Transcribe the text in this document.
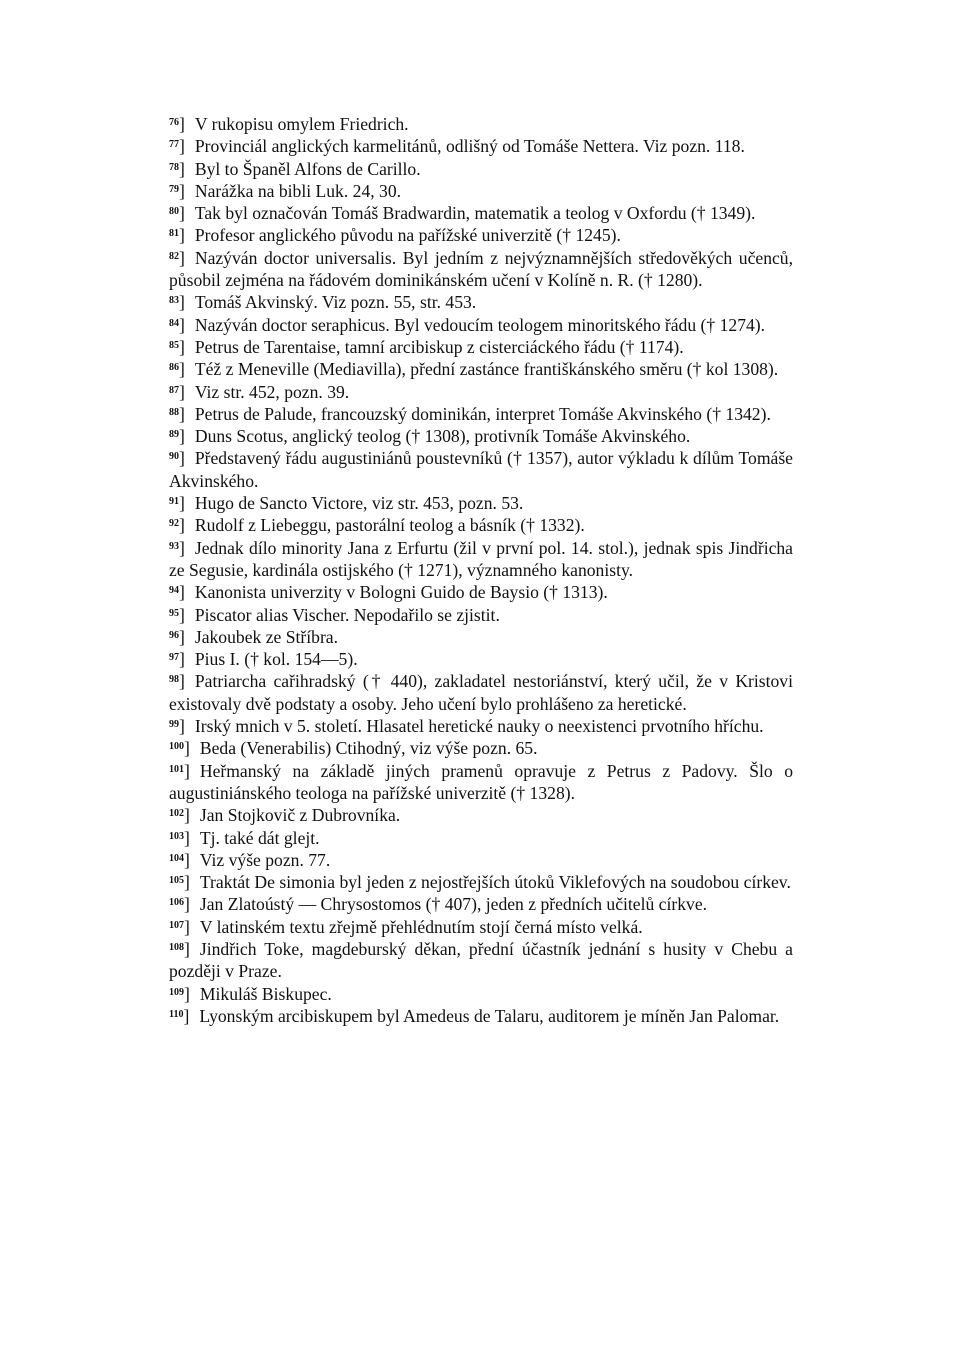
$^{76}$] V rukopisu omylem Friedrich.

$^{77}$] Provinciál anglických karmelitánů, odlišný od Tomáše Nettera. Viz pozn. 118.

$^{78}$] Byl to Španěl Alfons de Carillo.

$^{79}$] Narážka na bibli Luk. 24, 30.

$^{80}$] Tak byl označován Tomáš Bradwardin, matematik a teolog v Oxfordu († 1349).

$^{81}$] Profesor anglického původu na pařížské univerzitě († 1245).

$^{82}$] Nazýván doctor universalis. Byl jedním z nejvýznamnějších středověkých učenců, působil zejména na řádovém dominikánském učení v Kolíně n. R. († 1280).

$^{83}$] Tomáš Akvinský. Viz pozn. 55, str. 453.

$^{84}$] Nazýván doctor seraphicus. Byl vedoucím teologem minoritského řádu († 1274).

$^{85}$] Petrus de Tarentaise, tamní arcibiskup z cisterciáckého řádu († 1174).

$^{86}$] Též z Meneville (Mediavilla), přední zastánce františkánského směru († kol 1308).

$^{87}$] Viz str. 452, pozn. 39.

$^{88}$] Petrus de Palude, francouzský dominikán, interpret Tomáše Akvinského († 1342).

$^{89}$] Duns Scotus, anglický teolog († 1308), protivník Tomáše Akvinského.

$^{90}$] Představený řádu augustiniánů poustevníků († 1357), autor výkladu k dílům Tomáše Akvinského.

$^{91}$] Hugo de Sancto Victore, viz str. 453, pozn. 53.

$^{92}$] Rudolf z Liebeggu, pastorální teolog a básník († 1332).

$^{93}$] Jednak dílo minority Jana z Erfurtu (žil v první pol. 14. stol.), jednak spis Jindřicha ze Segusie, kardinála ostijského († 1271), významného kanonisty.

$^{94}$] Kanonista univerzity v Bologni Guido de Baysio († 1313).

$^{95}$] Piscator alias Vischer. Nepodařilo se zjistit.

$^{96}$] Jakoubek ze Stříbra.

$^{97}$] Pius I. († kol. 154—5).

$^{98}$] Patriarcha cařihradský († 440), zakladatel nestoriánství, který učil, že v Kristovi existovaly dvě podstaty a osoby. Jeho učení bylo prohlášeno za heretické.

$^{99}$] Irský mnich v 5. století. Hlasatel heretické nauky o neexistenci prvotního hříchu.

$^{100}$] Beda (Venerabilis) Ctihodný, viz výše pozn. 65.

$^{101}$] Heřmanský na základě jiných pramenů opravuje z Petrus z Padovy. Šlo o augustiniánského teologa na pařížské univerzitě († 1328).

$^{102}$] Jan Stojkovič z Dubrovníka.

$^{103}$] Tj. také dát glejt.

$^{104}$] Viz výše pozn. 77.

$^{105}$] Traktát De simonia byl jeden z nejostřejších útoků Viklefových na soudobou církev.

$^{106}$] Jan Zlatoústý — Chrysostomos († 407), jeden z předních učitelů církve.

$^{107}$] V latinském textu zřejmě přehlédnutím stojí černá místo velká.

$^{108}$] Jindřich Toke, magdeburský děkan, přední účastník jednání s husity v Chebu a později v Praze.

$^{109}$] Mikuláš Biskupec.

$^{110}$] Lyonským arcibiskupem byl Amedeus de Talaru, auditorem je míněn Jan Palomar.
